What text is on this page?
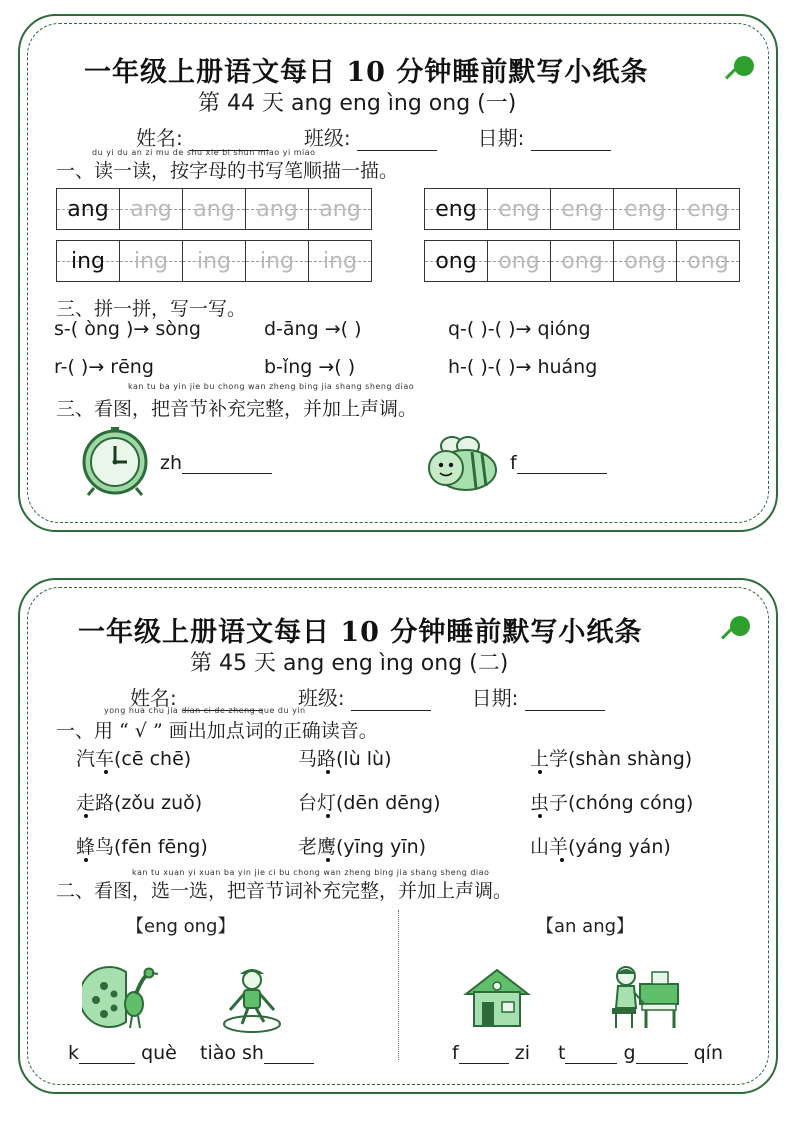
一年级上册语文每日 10 分钟睡前默写小纸条
第 44 天 ang eng ìng ong (一)
姓名:	班级:	日期:
du yi du an zi mu de shu xie bi shun miao yi miao
一、读一读，按字母的书写笔顺描一描。
ang ang ang ang ang	eng eng eng eng eng
ing ing ing ing ing	ong ong ong ong ong
三、拼一拼，写一写。
s-( òng )→ sòng	d-āng →( )	q-( )-( )→ qióng
r-( )→ rēng	b-ǐng →( )	h-( )-( )→ huáng
kan tu ba yin jie bu chong wan zheng bing jia shang sheng diao
三、看图，把音节补充完整，并加上声调。
zh	f
一年级上册语文每日 10 分钟睡前默写小纸条
第 45 天 ang eng ìng ong (二)
姓名:	班级:	日期:
yong hua chu jia dian ci de zheng que du yin
一、用 “ √ ” 画出加点词的正确读音。
汽车(cē chē)	马路(lù lù)	上学(shàn shàng)
走路(zǒu zuǒ)	台灯(dēn dēng)	虫子(chóng cóng)
蜂鸟(fēn fēng)	老鹰(yīng yīn)	山羊(yáng yán)
kan tu xuan yi xuan ba yin jie ci bu chong wan zheng bing jia shang sheng diao
二、看图，选一选，把音节词补充完整，并加上声调。
【eng ong】	【an ang】
k	què tiào sh	f	zi t	g	qín
